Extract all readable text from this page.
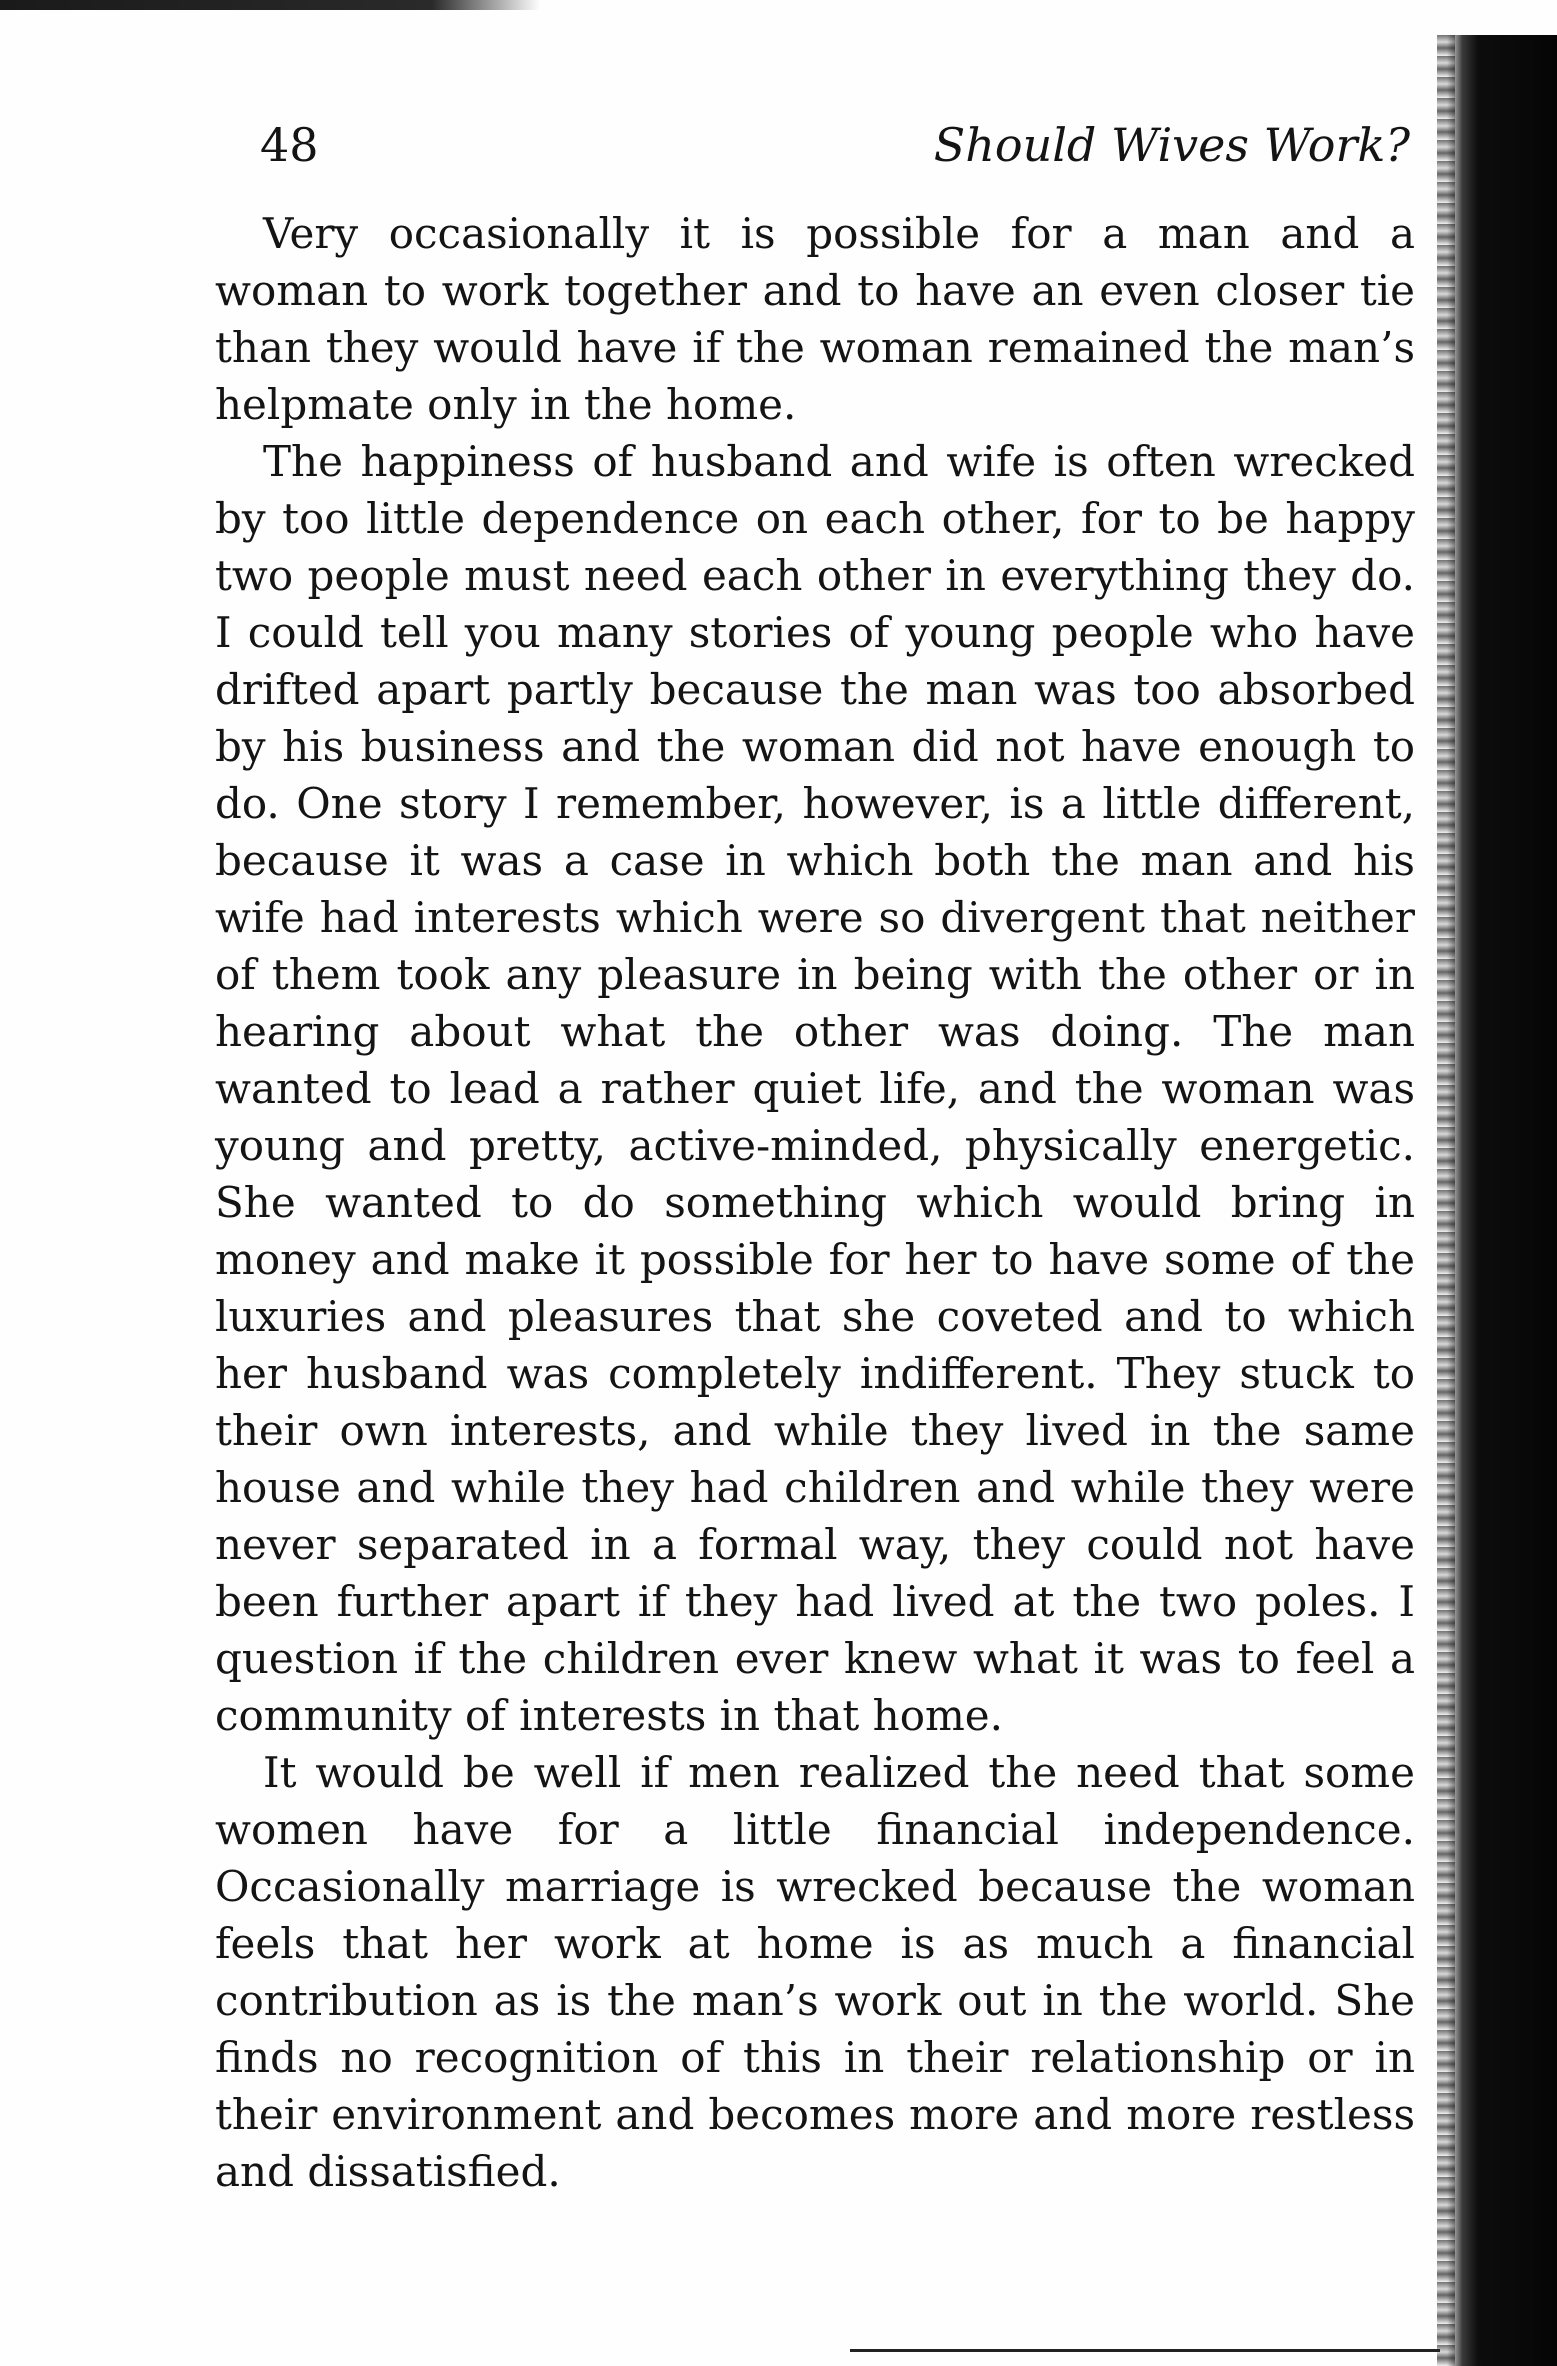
48	Should Wives Work?

Very occasionally it is possible for a man and a woman to work together and to have an even closer tie than they would have if the woman remained the man’s helpmate only in the home.

The happiness of husband and wife is often wrecked by too little dependence on each other, for to be happy two people must need each other in everything they do. I could tell you many stories of young people who have drifted apart partly because the man was too absorbed by his business and the woman did not have enough to do. One story I remember, however, is a little different, because it was a case in which both the man and his wife had interests which were so divergent that neither of them took any pleasure in being with the other or in hearing about what the other was doing. The man wanted to lead a rather quiet life, and the woman was young and pretty, active-minded, physically energetic. She wanted to do something which would bring in money and make it possible for her to have some of the luxuries and pleasures that she coveted and to which her husband was completely indifferent. They stuck to their own interests, and while they lived in the same house and while they had children and while they were never separated in a formal way, they could not have been further apart if they had lived at the two poles. I question if the children ever knew what it was to feel a community of interests in that home.

It would be well if men realized the need that some women have for a little financial independence. Occasionally marriage is wrecked because the woman feels that her work at home is as much a financial contribution as is the man’s work out in the world. She finds no recognition of this in their relationship or in their environment and becomes more and more restless and dissatisfied.
